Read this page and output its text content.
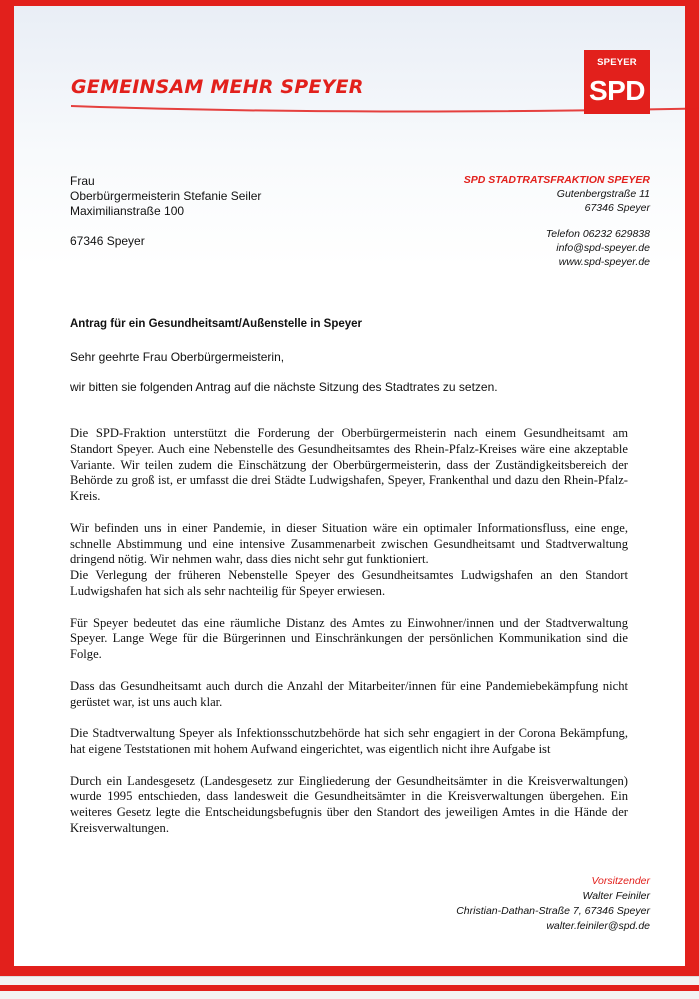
GEMEINSAM MEHR SPEYER
SPEYER
SPD
Frau
Oberbürgermeisterin Stefanie Seiler
Maximilianstraße 100
67346 Speyer
SPD STADTRATSFRAKTION SPEYER
Gutenbergstraße 11
67346 Speyer
Telefon 06232 629838
info@spd-speyer.de
www.spd-speyer.de
Antrag für ein Gesundheitsamt/Außenstelle in Speyer
Sehr geehrte Frau Oberbürgermeisterin,
wir bitten sie folgenden Antrag auf die nächste Sitzung des Stadtrates zu setzen.

Die SPD-Fraktion unterstützt die Forderung der Oberbürgermeisterin nach einem Gesundheitsamt am Standort Speyer. Auch eine Nebenstelle des Gesundheitsamtes des Rhein-Pfalz-Kreises wäre eine akzeptable Variante. Wir teilen zudem die Einschätzung der Oberbürgermeisterin, dass der Zuständigkeitsbereich der Behörde zu groß ist, er umfasst die drei Städte Ludwigshafen, Speyer, Frankenthal und dazu den Rhein-Pfalz-Kreis.

Wir befinden uns in einer Pandemie, in dieser Situation wäre ein optimaler Informationsfluss, eine enge, schnelle Abstimmung und eine intensive Zusammenarbeit zwischen Gesundheitsamt und Stadtverwaltung dringend nötig. Wir nehmen wahr, dass dies nicht sehr gut funktioniert.

Die Verlegung der früheren Nebenstelle Speyer des Gesundheitsamtes Ludwigshafen an den Standort Ludwigshafen hat sich als sehr nachteilig für Speyer erwiesen.

Für Speyer bedeutet das eine räumliche Distanz des Amtes zu Einwohner/innen und der Stadtverwaltung Speyer. Lange Wege für die Bürgerinnen und Einschränkungen der persönlichen Kommunikation sind die Folge.

Dass das Gesundheitsamt auch durch die Anzahl der Mitarbeiter/innen für eine Pandemiebekämpfung nicht gerüstet war, ist uns auch klar.

Die Stadtverwaltung Speyer als Infektionsschutzbehörde hat sich sehr engagiert in der Corona Bekämpfung, hat eigene Teststationen mit hohem Aufwand eingerichtet, was eigentlich nicht ihre Aufgabe ist

Durch ein Landesgesetz (Landesgesetz zur Eingliederung der Gesundheitsämter in die Kreisverwaltungen) wurde 1995 entschieden, dass landesweit die Gesundheitsämter in die Kreisverwaltungen übergehen. Ein weiteres Gesetz legte die Entscheidungsbefugnis über den Standort des jeweiligen Amtes in die Hände der Kreisverwaltungen.

Vorsitzender
Walter Feiniler
Christian-Dathan-Straße 7, 67346 Speyer
walter.feiniler@spd.de
